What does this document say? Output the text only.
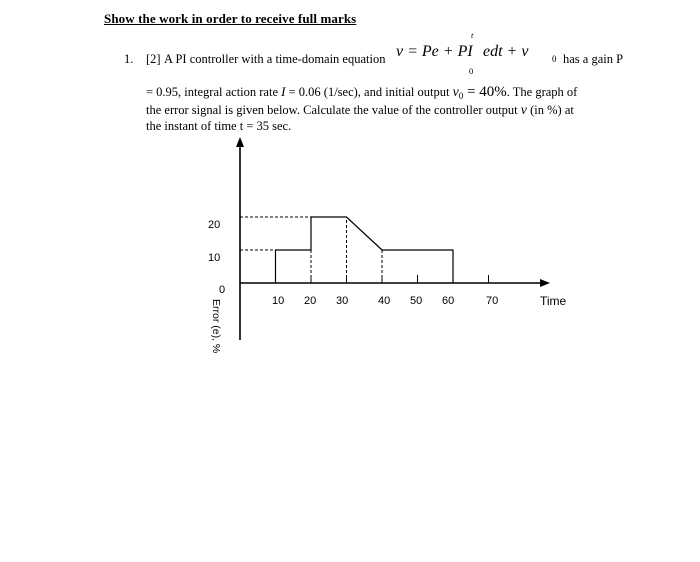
Show the work in order to receive full marks
1. [2] A PI controller with a time-domain equation v = Pe + PI
t
0
edt + v	0 has a gain P
= 0.95, integral action rate I = 0.06 (1/sec), and initial output $v_0 = 40\%$. The graph of
the error signal is given below. Calculate the value of the controller output v (in %) at
the instant of time t = 35 sec.
20
10
0
10 20 30	40 50 60	70	Time
Error (e), %
